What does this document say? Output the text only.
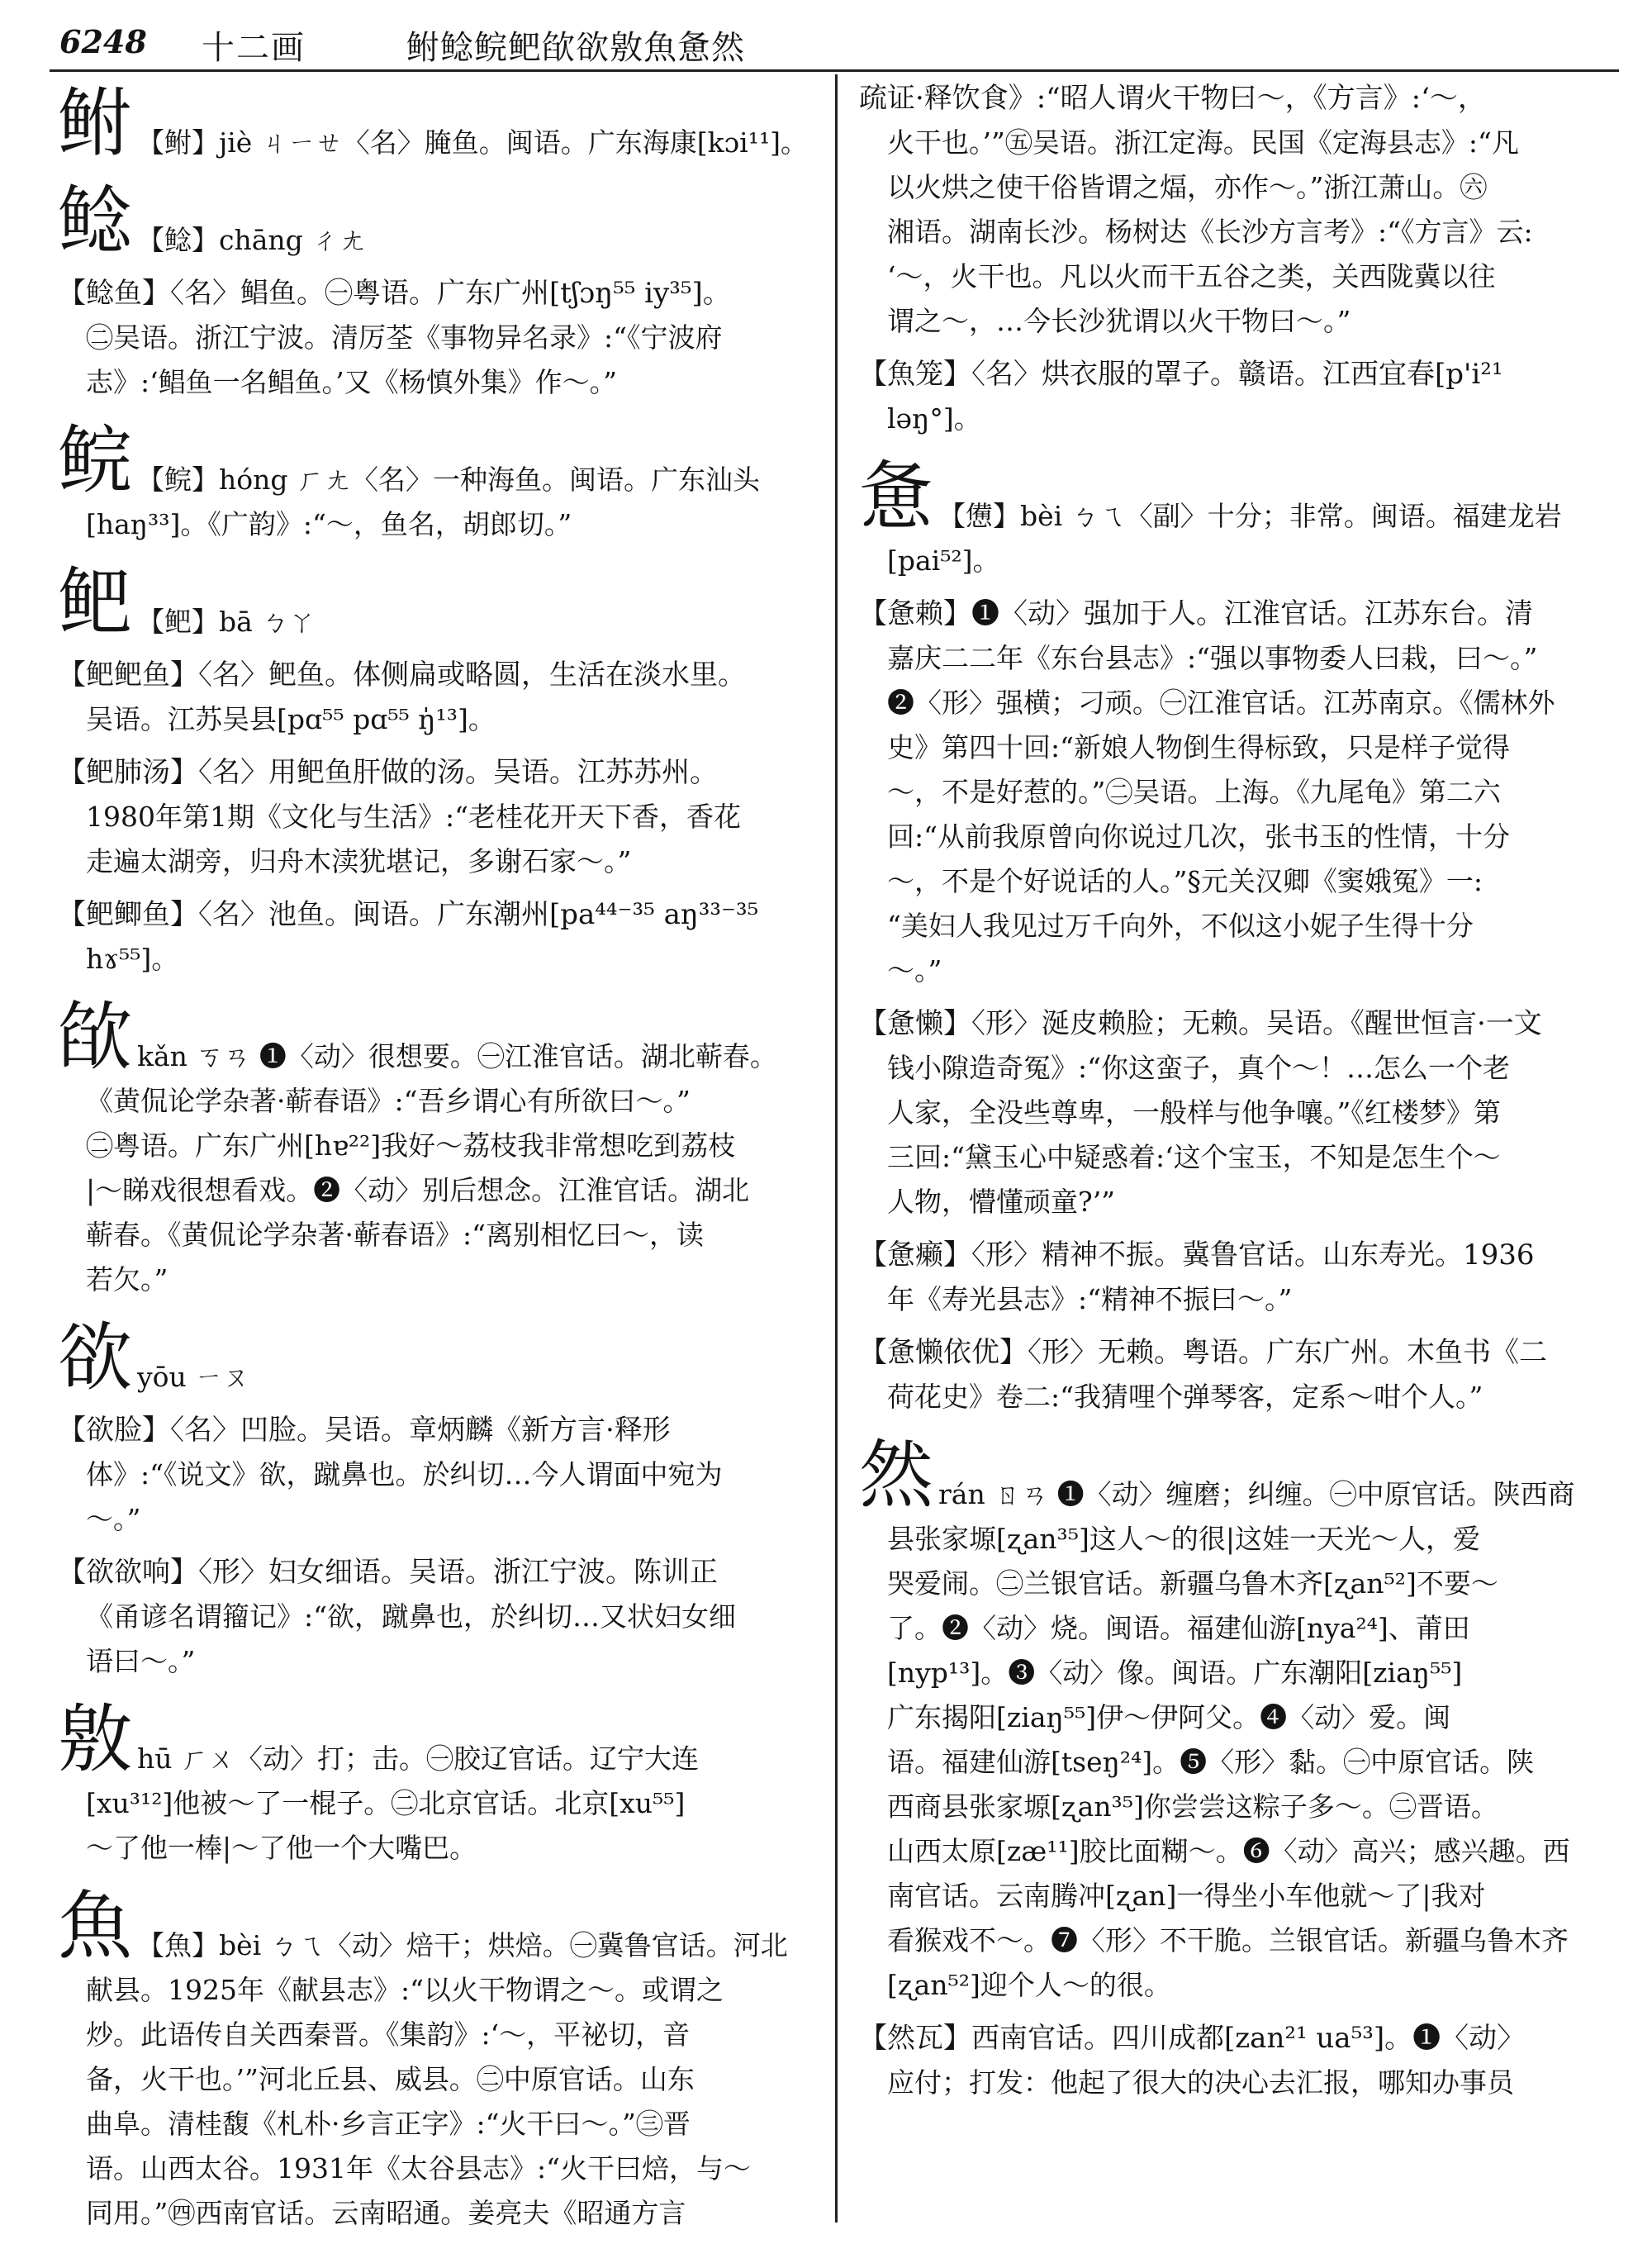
6248 十二画	鲋鲶鲩鲃欿欲敫魚惫然
鲋 【鲋】jiè ㄐㄧㄝ〈名〉腌鱼。闽语。广东海康[kɔi¹¹]。
鲶 【鲶】chāng ㄔㄤ
【鲶鱼】〈名〉鲳鱼。㊀粤语。广东广州[tʃɔŋ⁵⁵ iy³⁵]。
㊁吴语。浙江宁波。清厉荃《事物异名录》:“《宁波府
志》:‘鲳鱼一名鲳鱼。’又《杨慎外集》作～。”
鲩 【鲩】hóng ㄏㄤ〈名〉一种海鱼。闽语。广东汕头
[haŋ³³]。《广韵》:“～，鱼名，胡郎切。”
鲃 【鲃】bā ㄅㄚ
【鲃鲃鱼】〈名〉鲃鱼。体侧扁或略圆，生活在淡水里。
吴语。江苏吴县[pɑ⁵⁵ pɑ⁵⁵ ŋ̍¹³]。
【鲃肺汤】〈名〉用鲃鱼肝做的汤。吴语。江苏苏州。
1980年第1期《文化与生活》:“老桂花开天下香，香花
走遍太湖旁，归舟木渎犹堪记，多谢石家～。”
【鲃鲫鱼】〈名〉池鱼。闽语。广东潮州[pa⁴⁴⁻³⁵ aŋ³³⁻³⁵
hɤ⁵⁵]。
欿 kǎn ㄎㄢ ❶〈动〉很想要。㊀江淮官话。湖北蕲春。
《黄侃论学杂著·蕲春语》:“吾乡谓心有所欲曰～。”
㊁粤语。广东广州[hɐ²²]我好～荔枝我非常想吃到荔枝
|～睇戏很想看戏。❷〈动〉别后想念。江淮官话。湖北
蕲春。《黄侃论学杂著·蕲春语》:“离别相忆曰～，读
若欠。”
欲 yōu ㄧㄡ
【欲脸】〈名〉凹脸。吴语。章炳麟《新方言·释形
体》:“《说文》欲，蹴鼻也。於纠切…今人谓面中宛为
～。”
【欲欲响】〈形〉妇女细语。吴语。浙江宁波。陈训正
《甬谚名谓籀记》:“欲，蹴鼻也，於纠切…又状妇女细
语曰～。”
敫 hū ㄏㄨ〈动〉打；击。㊀胶辽官话。辽宁大连
[xu³¹²]他被～了一棍子。㊁北京官话。北京[xu⁵⁵]
～了他一棒|～了他一个大嘴巴。
魚 【魚】bèi ㄅㄟ〈动〉焙干；烘焙。㊀冀鲁官话。河北
献县。1925年《献县志》:“以火干物谓之～。或谓之
炒。此语传自关西秦晋。《集韵》:‘～，平祕切，音
备，火干也。’”河北丘县、威县。㊁中原官话。山东
曲阜。清桂馥《札朴·乡言正字》:“火干曰～。”㊂晋
语。山西太谷。1931年《太谷县志》:“火干曰焙，与～
同用。”㊃西南官话。云南昭通。姜亮夫《昭通方言
疏证·释饮食》:“昭人谓火干物曰～，《方言》:‘～，
火干也。’”㊄吴语。浙江定海。民国《定海县志》:“凡
以火烘之使干俗皆谓之煏，亦作～。”浙江萧山。㊅
湘语。湖南长沙。杨树达《长沙方言考》:“《方言》云:
‘～，火干也。凡以火而干五谷之类，关西陇冀以往
谓之～，…今长沙犹谓以火干物曰～。”
【魚笼】〈名〉烘衣服的罩子。赣语。江西宜春[p'i²¹
ləŋ°]。
惫 【憊】bèi ㄅㄟ〈副〉十分；非常。闽语。福建龙岩
[pai⁵²]。
【惫赖】❶〈动〉强加于人。江淮官话。江苏东台。清
嘉庆二二年《东台县志》:“强以事物委人曰栽，曰～。”
❷〈形〉强横；刁顽。㊀江淮官话。江苏南京。《儒林外
史》第四十回:“新娘人物倒生得标致，只是样子觉得
～，不是好惹的。”㊁吴语。上海。《九尾龟》第二六
回:“从前我原曾向你说过几次，张书玉的性情，十分
～，不是个好说话的人。”§元关汉卿《窦娥冤》一:
“美妇人我见过万千向外，不似这小妮子生得十分
～。”
【惫懒】〈形〉涎皮赖脸；无赖。吴语。《醒世恒言·一文
钱小隙造奇冤》:“你这蛮子，真个～！…怎么一个老
人家，全没些尊卑，一般样与他争嚷。”《红楼梦》第
三回:“黛玉心中疑惑着:‘这个宝玉，不知是怎生个～
人物，懵懂顽童?’”
【惫癞】〈形〉精神不振。冀鲁官话。山东寿光。1936
年《寿光县志》:“精神不振曰～。”
【惫懒依优】〈形〉无赖。粤语。广东广州。木鱼书《二
荷花史》卷二:“我猜哩个弹琴客，定系～咁个人。”
然 rán ㄖㄢ ❶〈动〉缠磨；纠缠。㊀中原官话。陕西商
县张家塬[ʐan³⁵]这人～的很|这娃一天光～人，爱
哭爱闹。㊁兰银官话。新疆乌鲁木齐[ʐan⁵²]不要～
了。❷〈动〉烧。闽语。福建仙游[nya²⁴]、莆田
[nyp¹³]。❸〈动〉像。闽语。广东潮阳[ziaŋ⁵⁵]
广东揭阳[ziaŋ⁵⁵]伊～伊阿父。❹〈动〉爱。闽
语。福建仙游[tseŋ²⁴]。❺〈形〉黏。㊀中原官话。陕
西商县张家塬[ʐan³⁵]你尝尝这粽子多～。㊁晋语。
山西太原[zæ¹¹]胶比面糊～。❻〈动〉高兴；感兴趣。西
南官话。云南腾冲[ʐan]一得坐小车他就～了|我对
看猴戏不～。❼〈形〉不干脆。兰银官话。新疆乌鲁木齐
[ʐan⁵²]迎个人～的很。
【然瓦】西南官话。四川成都[zan²¹ ua⁵³]。❶〈动〉
应付；打发：他起了很大的决心去汇报，哪知办事员
